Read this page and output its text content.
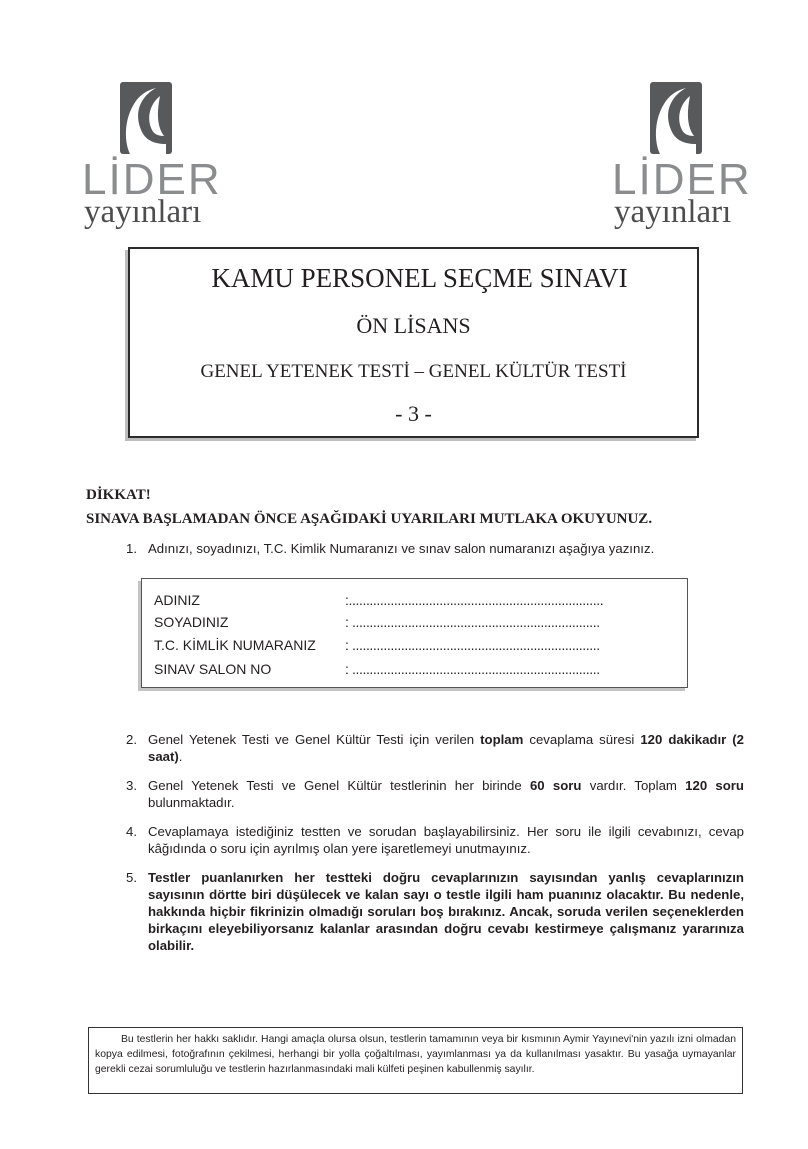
LİDER
yayınları
LİDER
yayınları
KAMU PERSONEL SEÇME SINAVI
ÖN LİSANS
GENEL YETENEK TESTİ – GENEL KÜLTÜR TESTİ
- 3 -
DİKKAT!
SINAVA BAŞLAMADAN ÖNCE AŞAĞIDAKİ UYARILARI MUTLAKA OKUYUNUZ.
1. Adınızı, soyadınızı, T.C. Kimlik Numaranızı ve sınav salon numaranızı aşağıya yazınız.
ADINIZ	:.........................................................................
SOYADINIZ	: .......................................................................
T.C. KİMLİK NUMARANIZ : .......................................................................
SINAV SALON NO	: .......................................................................
2. Genel Yetenek Testi ve Genel Kültür Testi için verilen toplam cevaplama süresi 120 dakikadır (2 saat).
3. Genel Yetenek Testi ve Genel Kültür testlerinin her birinde 60 soru vardır. Toplam 120 soru bulunmaktadır.
4. Cevaplamaya istediğiniz testten ve sorudan başlayabilirsiniz. Her soru ile ilgili cevabınızı, cevap kâğıdında o soru için ayrılmış olan yere işaretlemeyi unutmayınız.
5. Testler puanlanırken her testteki doğru cevaplarınızın sayısından yanlış cevaplarınızın sayısının dörtte biri düşülecek ve kalan sayı o testle ilgili ham puanınız olacaktır. Bu nedenle, hakkında hiçbir fikrinizin olmadığı soruları boş bırakınız. Ancak, soruda verilen seçeneklerden birkaçını eleyebiliyorsanız kalanlar arasından doğru cevabı kestirmeye çalışmanız yararınıza olabilir.
Bu testlerin her hakkı saklıdır. Hangi amaçla olursa olsun, testlerin tamamının veya bir kısmının Aymir Yayınevi'nin yazılı izni olmadan kopya edilmesi, fotoğrafının çekilmesi, herhangi bir yolla çoğaltılması, yayımlanması ya da kullanılması yasaktır. Bu yasağa uymayanlar gerekli cezai sorumluluğu ve testlerin hazırlanmasındaki mali külfeti peşinen kabullenmiş sayılır.
